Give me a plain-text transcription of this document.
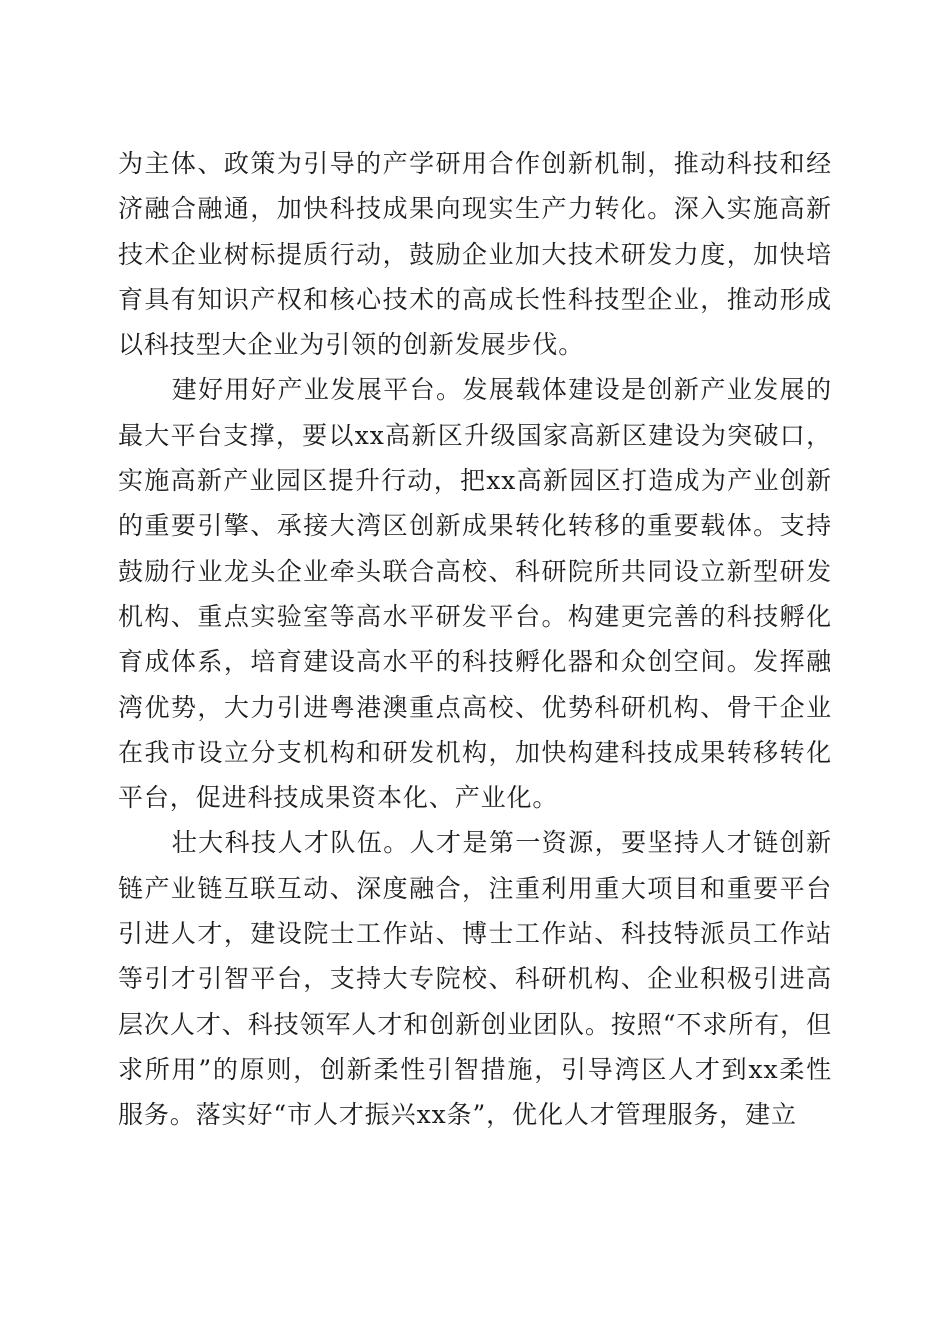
为主体、政策为引导的产学研用合作创新机制，推动科技和经济融合融通，加快科技成果向现实生产力转化。深入实施高新技术企业树标提质行动，鼓励企业加大技术研发力度，加快培育具有知识产权和核心技术的高成长性科技型企业，推动形成以科技型大企业为引领的创新发展步伐。

建好用好产业发展平台。发展载体建设是创新产业发展的最大平台支撑，要以xx高新区升级国家高新区建设为突破口，实施高新产业园区提升行动，把xx高新园区打造成为产业创新的重要引擎、承接大湾区创新成果转化转移的重要载体。支持鼓励行业龙头企业牵头联合高校、科研院所共同设立新型研发机构、重点实验室等高水平研发平台。构建更完善的科技孵化育成体系，培育建设高水平的科技孵化器和众创空间。发挥融湾优势，大力引进粤港澳重点高校、优势科研机构、骨干企业在我市设立分支机构和研发机构，加快构建科技成果转移转化平台，促进科技成果资本化、产业化。

壮大科技人才队伍。人才是第一资源，要坚持人才链创新链产业链互联互动、深度融合，注重利用重大项目和重要平台引进人才，建设院士工作站、博士工作站、科技特派员工作站等引才引智平台，支持大专院校、科研机构、企业积极引进高层次人才、科技领军人才和创新创业团队。按照“不求所有，但求所用”的原则，创新柔性引智措施，引导湾区人才到xx柔性服务。落实好“市人才振兴xx条”，优化人才管理服务，建立
